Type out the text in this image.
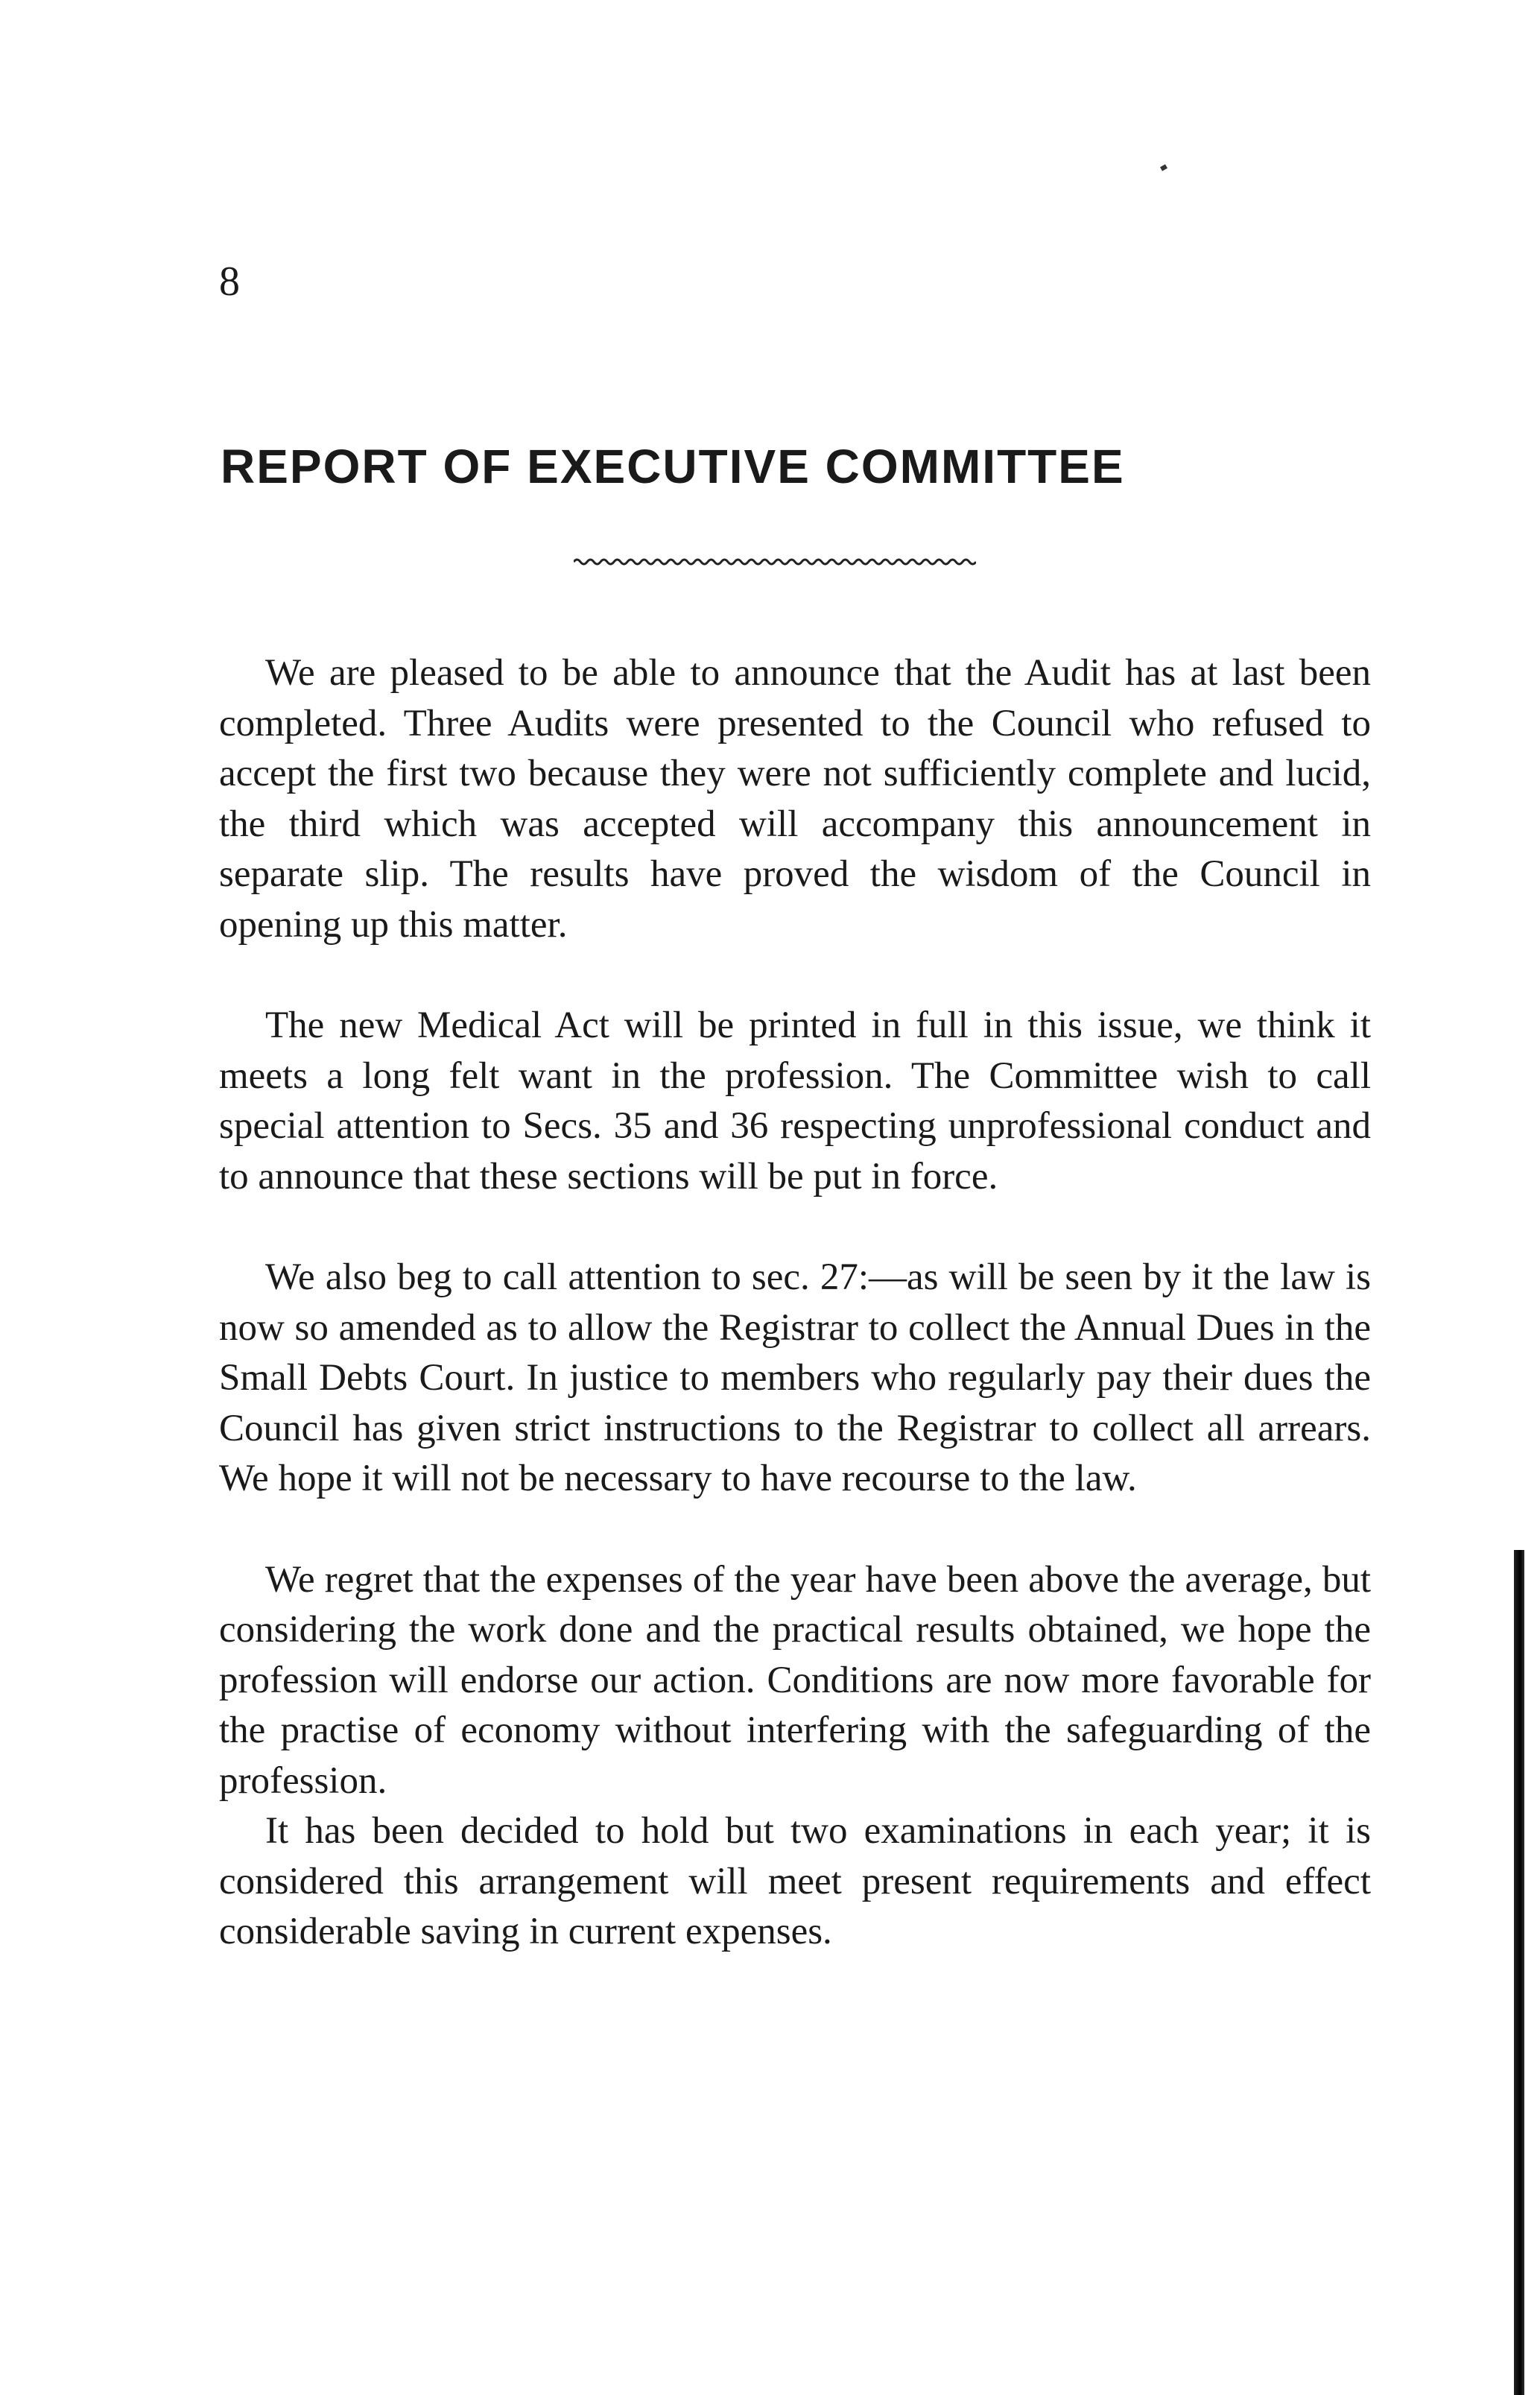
8
REPORT OF EXECUTIVE COMMITTEE

We are pleased to be able to announce that the Audit has at last been completed. Three Audits were presented to the Council who refused to accept the first two because they were not sufficiently complete and lucid, the third which was accepted will accompany this announcement in separate slip. The results have proved the wisdom of the Council in opening up this matter.

The new Medical Act will be printed in full in this issue, we think it meets a long felt want in the profession. The Committee wish to call special attention to Secs. 35 and 36 respecting unprofessional conduct and to announce that these sections will be put in force.

We also beg to call attention to sec. 27:—as will be seen by it the law is now so amended as to allow the Registrar to collect the Annual Dues in the Small Debts Court. In justice to members who regularly pay their dues the Council has given strict instructions to the Registrar to collect all arrears. We hope it will not be necessary to have recourse to the law.

We regret that the expenses of the year have been above the average, but considering the work done and the practical results obtained, we hope the profession will endorse our action. Conditions are now more favorable for the practise of economy without interfering with the safeguarding of the profession.

It has been decided to hold but two examinations in each year; it is considered this arrangement will meet present requirements and effect considerable saving in current expenses.
